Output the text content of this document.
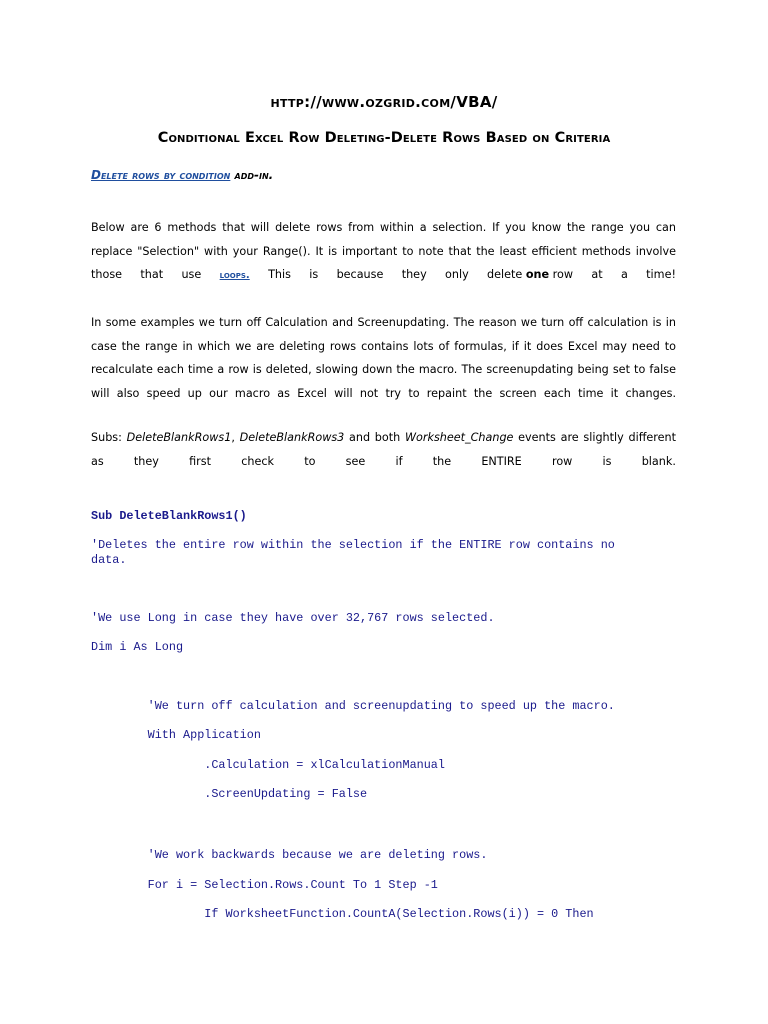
http://www.ozgrid.com/VBA/
Conditional Excel Row Deleting-Delete Rows Based on Criteria
Delete rows by condition add-in.
Below are 6 methods that will delete rows from within a selection. If you know the range you can
replace "Selection" with your Range(). It is important to note that the least efficient methods involve
those that use loops. This is because they only delete one row at a time!
In some examples we turn off Calculation and Screenupdating. The reason we turn off calculation is in
case the range in which we are deleting rows contains lots of formulas, if it does Excel may need to
recalculate each time a row is deleted, slowing down the macro. The screenupdating being set to false
will also speed up our macro as Excel will not try to repaint the screen each time it changes.
Subs: DeleteBlankRows1, DeleteBlankRows3 and both Worksheet_Change events are slightly different
as	they	first	check	to	see	if	the	ENTIRE	row	is	blank.
Sub DeleteBlankRows1()
'Deletes the entire row within the selection if the ENTIRE row contains no
data.
'We use Long in case they have over 32,767 rows selected.
Dim i As Long
'We turn off calculation and screenupdating to speed up the macro.
With Application
.Calculation = xlCalculationManual
.ScreenUpdating = False
'We work backwards because we are deleting rows.
For i = Selection.Rows.Count To 1 Step -1
If WorksheetFunction.CountA(Selection.Rows(i)) = 0 Then
